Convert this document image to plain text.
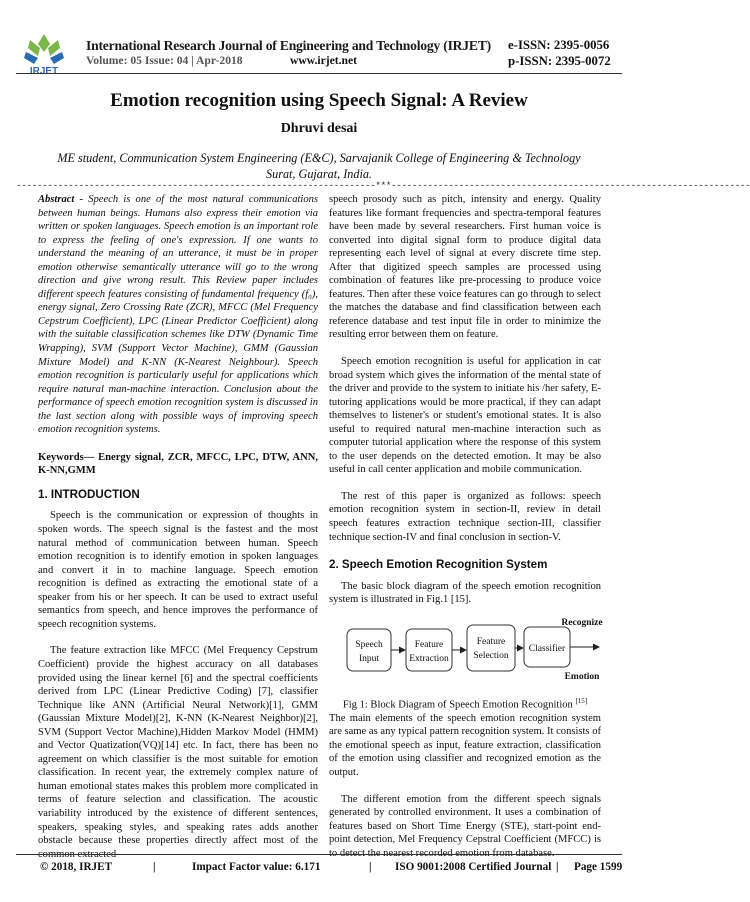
IRJET
International Research Journal of Engineering and Technology (IRJET) e-ISSN: 2395-0056
Volume: 05 Issue: 04 | Apr-2018	www.irjet.net	p-ISSN: 2395-0072
Emotion recognition using Speech Signal: A Review
Dhruvi desai
ME student, Communication System Engineering (E&C), Sarvajanik College of Engineering & Technology
Surat, Gujarat, India.
---------------------------------------------------------------------***---------------------------------------------------------------------

Abstract - Speech is one of the most natural communications between human beings. Humans also express their emotion via written or spoken languages. Speech emotion is an important role to express the feeling of one's expression. If one wants to understand the meaning of an utterance, it must be in proper emotion otherwise semantically utterance will go to the wrong direction and give wrong result. This Review paper includes different speech features consisting of fundamental frequency (f₀), energy signal, Zero Crossing Rate (ZCR), MFCC (Mel Frequency Cepstrum Coefficient), LPC (Linear Predictor Coefficient) along with the suitable classification schemes like DTW (Dynamic Time Wrapping), SVM (Support Vector Machine), GMM (Gaussian Mixture Model) and K-NN (K-Nearest Neighbour). Speech emotion recognition is particularly useful for applications which require natural man-machine interaction. Conclusion about the performance of speech emotion recognition system is discussed in the last section along with possible ways of improving speech emotion recognition systems.

Keywords— Energy signal, ZCR, MFCC, LPC, DTW, ANN, K-NN,GMM

1. INTRODUCTION

Speech is the communication or expression of thoughts in spoken words. The speech signal is the fastest and the most natural method of communication between human. Speech emotion recognition is to identify emotion in spoken languages and convert it in to machine language. Speech emotion recognition is defined as extracting the emotional state of a speaker from his or her speech. It can be used to extract useful semantics from speech, and hence improves the performance of speech recognition systems.

The feature extraction like MFCC (Mel Frequency Cepstrum Coefficient) provide the highest accuracy on all databases provided using the linear kernel [6] and the spectral coefficients derived from LPC (Linear Predictive Coding) [7], classifier Technique like ANN (Artificial Neural Network)[1], GMM (Gaussian Mixture Model)[2], K-NN (K-Nearest Neighbor)[2], SVM (Support Vector Machine),Hidden Markov Model (HMM) and Vector Quatization(VQ)[14] etc. In fact, there has been no agreement on which classifier is the most suitable for emotion classification. In recent year, the extremely complex nature of human emotional states makes this problem more complicated in terms of feature selection and classification. The acoustic variability introduced by the existence of different sentences, speakers, speaking styles, and speaking rates adds another obstacle because these properties directly affect most of the common extracted

speech prosody such as pitch, intensity and energy. Quality features like formant frequencies and spectra-temporal features have been made by several researchers. First human voice is converted into digital signal form to produce digital data representing each level of signal at every discrete time step. After that digitized speech samples are processed using combination of features like pre-processing to produce voice features. Then after these voice features can go through to select the matches the database and find classification between each reference database and test input file in order to minimize the resulting error between them on feature.

Speech emotion recognition is useful for application in car broad system which gives the information of the mental state of the driver and provide to the system to initiate his /her safety, E-tutoring applications would be more practical, if they can adapt themselves to listener's or student's emotional states. It is also useful to required natural men-machine interaction such as computer tutorial application where the response of this system to the user depends on the detected emotion. It may be also useful in call center application and mobile communication.

The rest of this paper is organized as follows: speech emotion recognition system in section-II, review in detail speech features extraction technique section-III, classifier technique section-IV and final conclusion in section-V.

2. Speech Emotion Recognition System

The basic block diagram of the speech emotion recognition system is illustrated in Fig.1 [15].

Speech
Input
Feature
Extraction
Feature
Selection
Classifier
Recognize
Emotion

Fig 1: Block Diagram of Speech Emotion Recognition [15]

The main elements of the speech emotion recognition system are same as any typical pattern recognition system. It consists of the emotional speech as input, feature extraction, classification of the emotion using classifier and recognized emotion as the output.

The different emotion from the different speech signals generated by controlled environment. It uses a combination of features based on Short Time Energy (STE), start-point end-point detection, Mel Frequency Cepstral Coefficient (MFCC) is to detect the nearest recorded emotion from database.

© 2018, IRJET	|	Impact Factor value: 6.171	| ISO 9001:2008 Certified Journal | Page 1599
